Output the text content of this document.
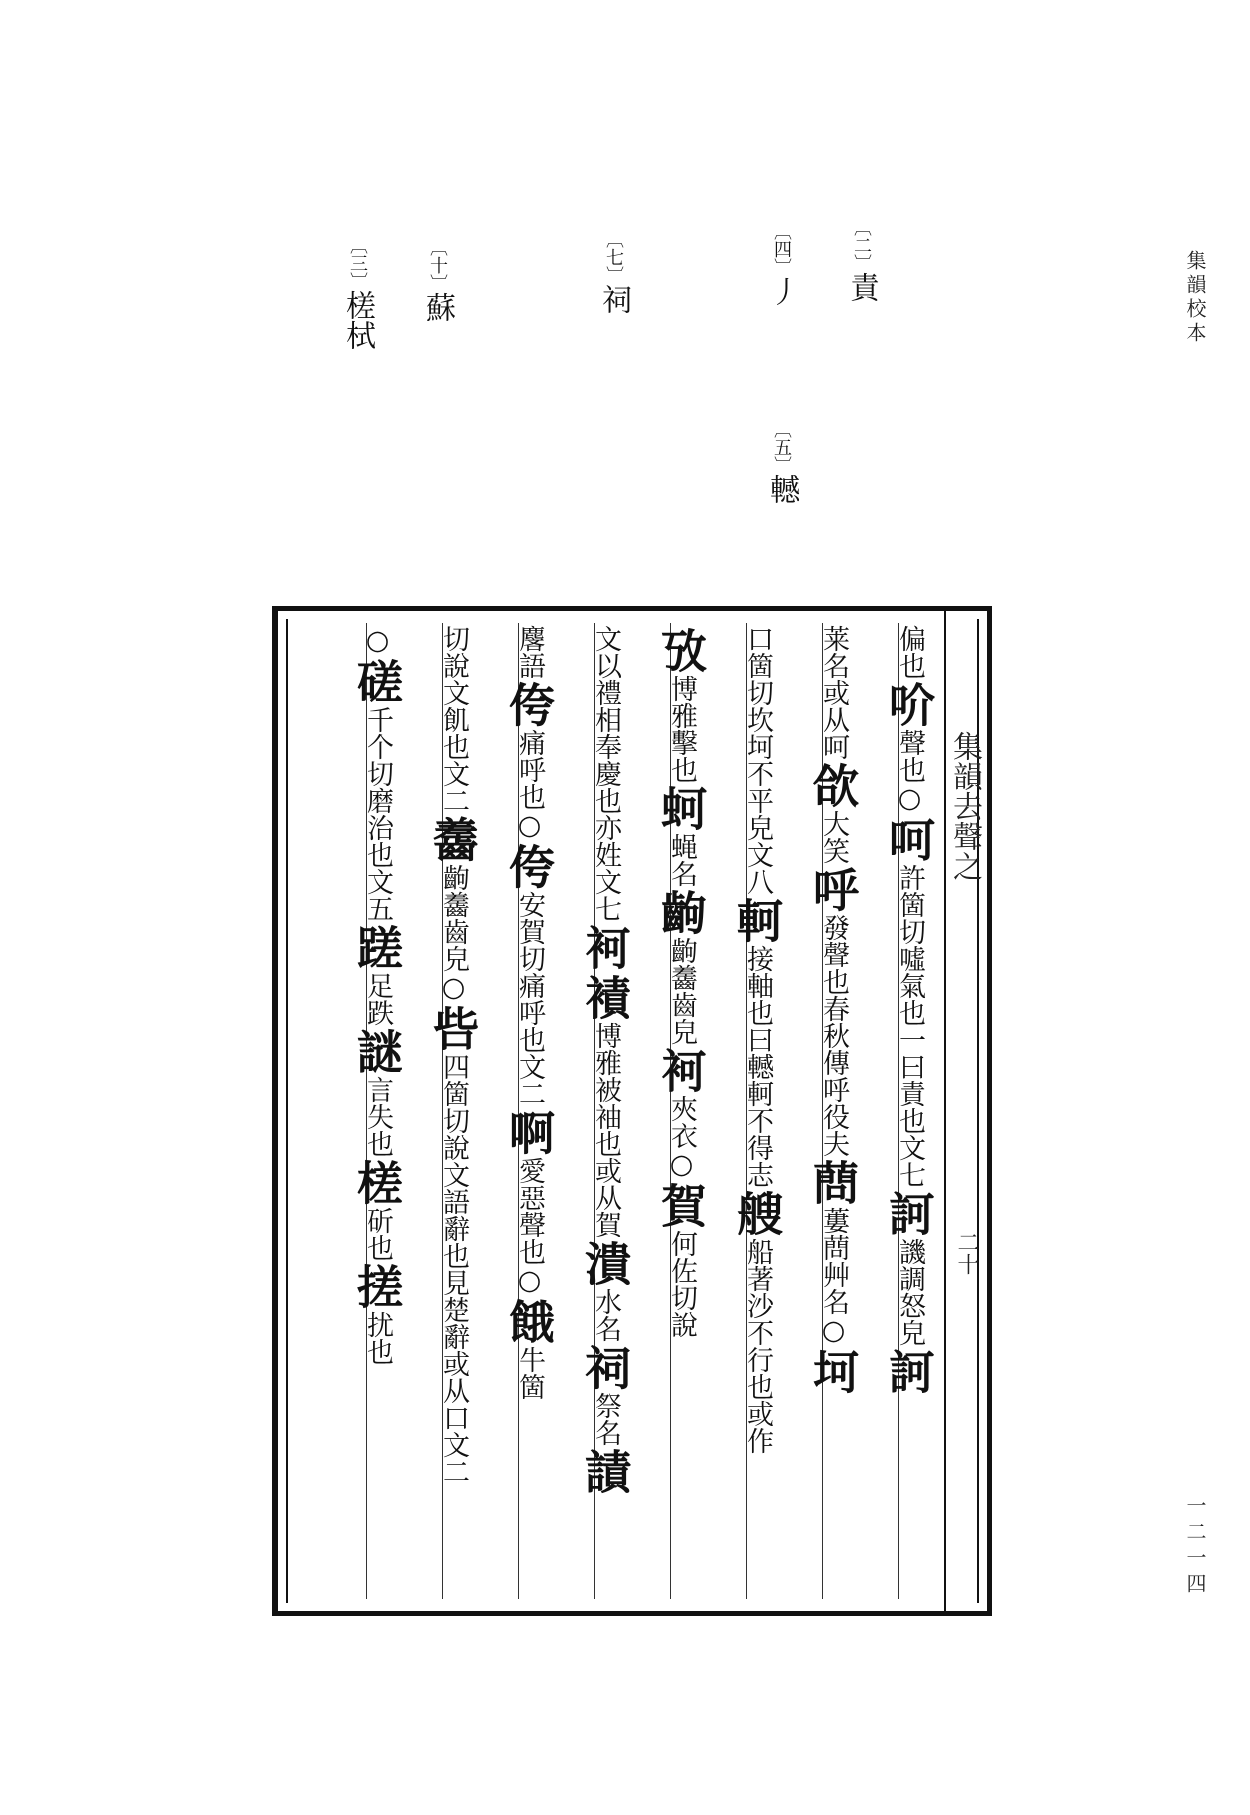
集韻校本
一二一四
〔 二 〕責
〔 四 〕丿
〔 五 〕轗
〔 七 〕祠
〔 十 〕蘇
〔 三 〕槎栻
集韻去聲之
二十
偏也吤聲也○呵許箇切噓氣也一曰責也文七訶譏調怒皃訶
莱名或从呵欱大笑呼發聲也春秋傳呼役夫蔄蔞蔄艸名○坷
口箇切坎坷不平皃文八軻接軸也曰轗軻不得志艘船著沙不行也或作
攷博雅擊也蚵蝇名齣齣齹齒皃袔夾衣○賀何佐切說
文以禮相奉慶也亦姓文七袔襀博雅被袖也或从賀潰水名祠祭名謮
麐語侉痛呼也○侉安賀切痛呼也文二啊愛惡聲也○餓牛箇
切說文飢也文二齹齣齹齒皃○呰四箇切說文語辭也見楚辭或从口文二
○磋千个切磨治也文五蹉足跌謎言失也槎斫也搓扰也
